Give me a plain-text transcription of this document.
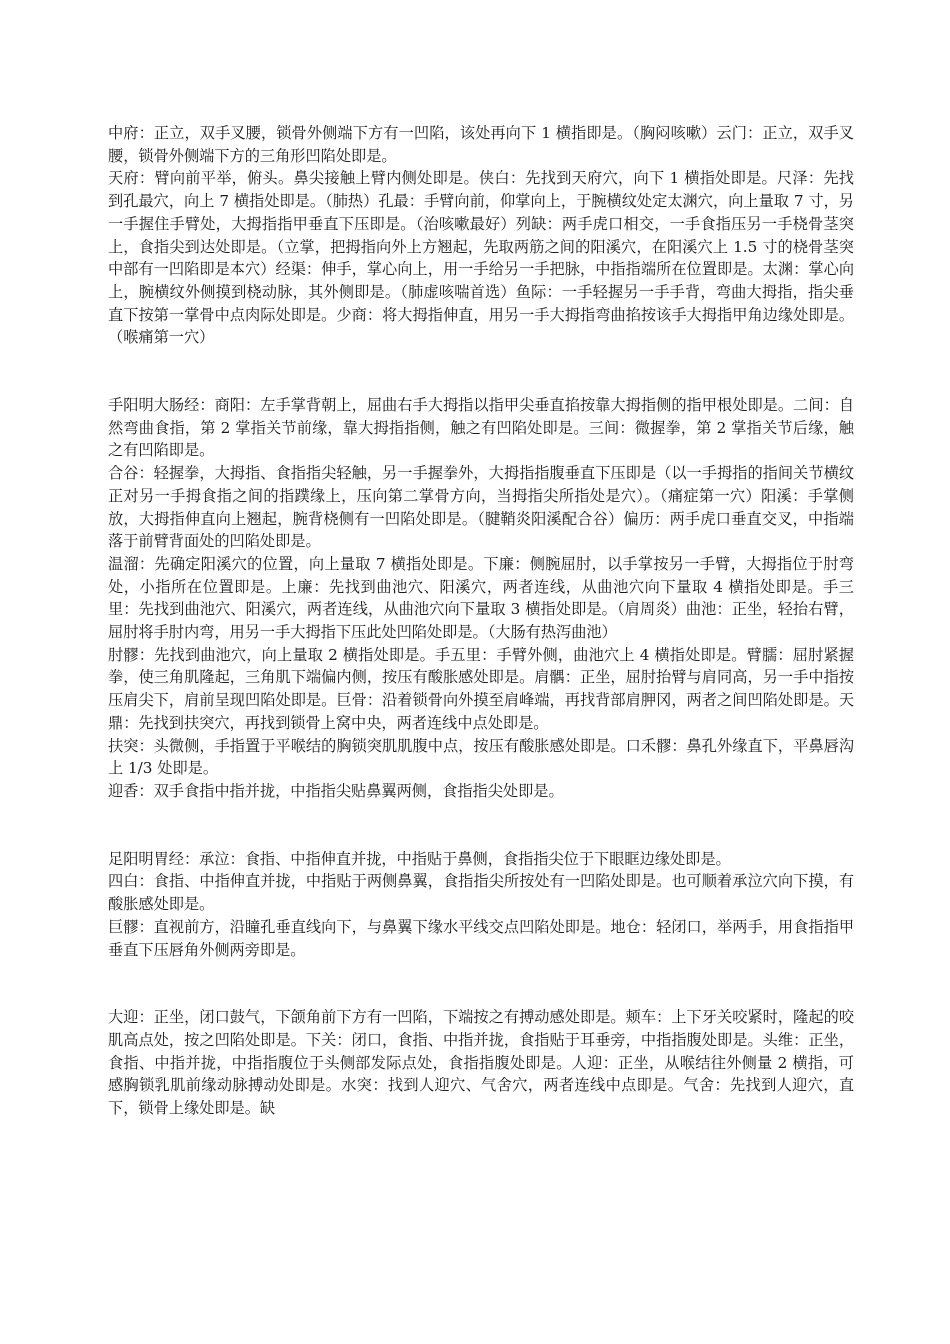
中府：正立，双手叉腰，锁骨外侧端下方有一凹陷，该处再向下 1 横指即是。（胸闷咳嗽）云门：正立，双手叉腰，锁骨外侧端下方的三角形凹陷处即是。

天府：臂向前平举，俯头。鼻尖接触上臂内侧处即是。侠白：先找到天府穴，向下 1 横指处即是。尺泽：先找到孔最穴，向上 7 横指处即是。（肺热）孔最：手臂向前，仰掌向上，于腕横纹处定太渊穴，向上量取 7 寸，另一手握住手臂处，大拇指指甲垂直下压即是。（治咳嗽最好）列缺：两手虎口相交，一手食指压另一手桡骨茎突上，食指尖到达处即是。（立掌，把拇指向外上方翘起，先取两筋之间的阳溪穴，在阳溪穴上 1.5 寸的桡骨茎突中部有一凹陷即是本穴）经渠：伸手，掌心向上，用一手给另一手把脉，中指指端所在位置即是。太渊：掌心向上，腕横纹外侧摸到桡动脉，其外侧即是。（肺虚咳喘首选）鱼际：一手轻握另一手手背，弯曲大拇指，指尖垂直下按第一掌骨中点肉际处即是。少商：将大拇指伸直，用另一手大拇指弯曲掐按该手大拇指甲角边缘处即是。（喉痛第一穴）

手阳明大肠经：商阳：左手掌背朝上，屈曲右手大拇指以指甲尖垂直掐按靠大拇指侧的指甲根处即是。二间：自然弯曲食指，第 2 掌指关节前缘，靠大拇指指侧，触之有凹陷处即是。三间：微握拳，第 2 掌指关节后缘，触之有凹陷即是。

合谷：轻握拳，大拇指、食指指尖轻触，另一手握拳外，大拇指指腹垂直下压即是（以一手拇指的指间关节横纹正对另一手拇食指之间的指蹼缘上，压向第二掌骨方向，当拇指尖所指处是穴）。（痛症第一穴）阳溪：手掌侧放，大拇指伸直向上翘起，腕背桡侧有一凹陷处即是。（腱鞘炎阳溪配合谷）偏历：两手虎口垂直交叉，中指端落于前臂背面处的凹陷处即是。

温溜：先确定阳溪穴的位置，向上量取 7 横指处即是。下廉：侧腕屈肘，以手掌按另一手臂，大拇指位于肘弯处，小指所在位置即是。上廉：先找到曲池穴、阳溪穴，两者连线，从曲池穴向下量取 4 横指处即是。手三里：先找到曲池穴、阳溪穴，两者连线，从曲池穴向下量取 3 横指处即是。（肩周炎）曲池：正坐，轻抬右臂，屈肘将手肘内弯，用另一手大拇指下压此处凹陷处即是。（大肠有热泻曲池）

肘髎：先找到曲池穴，向上量取 2 横指处即是。手五里：手臂外侧，曲池穴上 4 横指处即是。臂臑：屈肘紧握拳，使三角肌隆起，三角肌下端偏内侧，按压有酸胀感处即是。肩髃：正坐，屈肘抬臂与肩同高，另一手中指按压肩尖下，肩前呈现凹陷处即是。巨骨：沿着锁骨向外摸至肩峰端，再找背部肩胛冈，两者之间凹陷处即是。天鼎：先找到扶突穴，再找到锁骨上窝中央，两者连线中点处即是。

扶突：头微侧，手指置于平喉结的胸锁突肌肌腹中点，按压有酸胀感处即是。口禾髎：鼻孔外缘直下，平鼻唇沟上 1/3 处即是。

迎香：双手食指中指并拢，中指指尖贴鼻翼两侧，食指指尖处即是。

足阳明胃经：承泣：食指、中指伸直并拢，中指贴于鼻侧，食指指尖位于下眼眶边缘处即是。

四白：食指、中指伸直并拢，中指贴于两侧鼻翼，食指指尖所按处有一凹陷处即是。也可顺着承泣穴向下摸，有酸胀感处即是。

巨髎：直视前方，沿瞳孔垂直线向下，与鼻翼下缘水平线交点凹陷处即是。地仓：轻闭口，举两手，用食指指甲垂直下压唇角外侧两旁即是。

大迎：正坐，闭口鼓气，下颌角前下方有一凹陷，下端按之有搏动感处即是。颊车：上下牙关咬紧时，隆起的咬肌高点处，按之凹陷处即是。下关：闭口，食指、中指并拢，食指贴于耳垂旁，中指指腹处即是。头维：正坐，食指、中指并拢，中指指腹位于头侧部发际点处，食指指腹处即是。人迎：正坐，从喉结往外侧量 2 横指，可感胸锁乳肌前缘动脉搏动处即是。水突：找到人迎穴、气舍穴，两者连线中点即是。气舍：先找到人迎穴，直下，锁骨上缘处即是。缺
